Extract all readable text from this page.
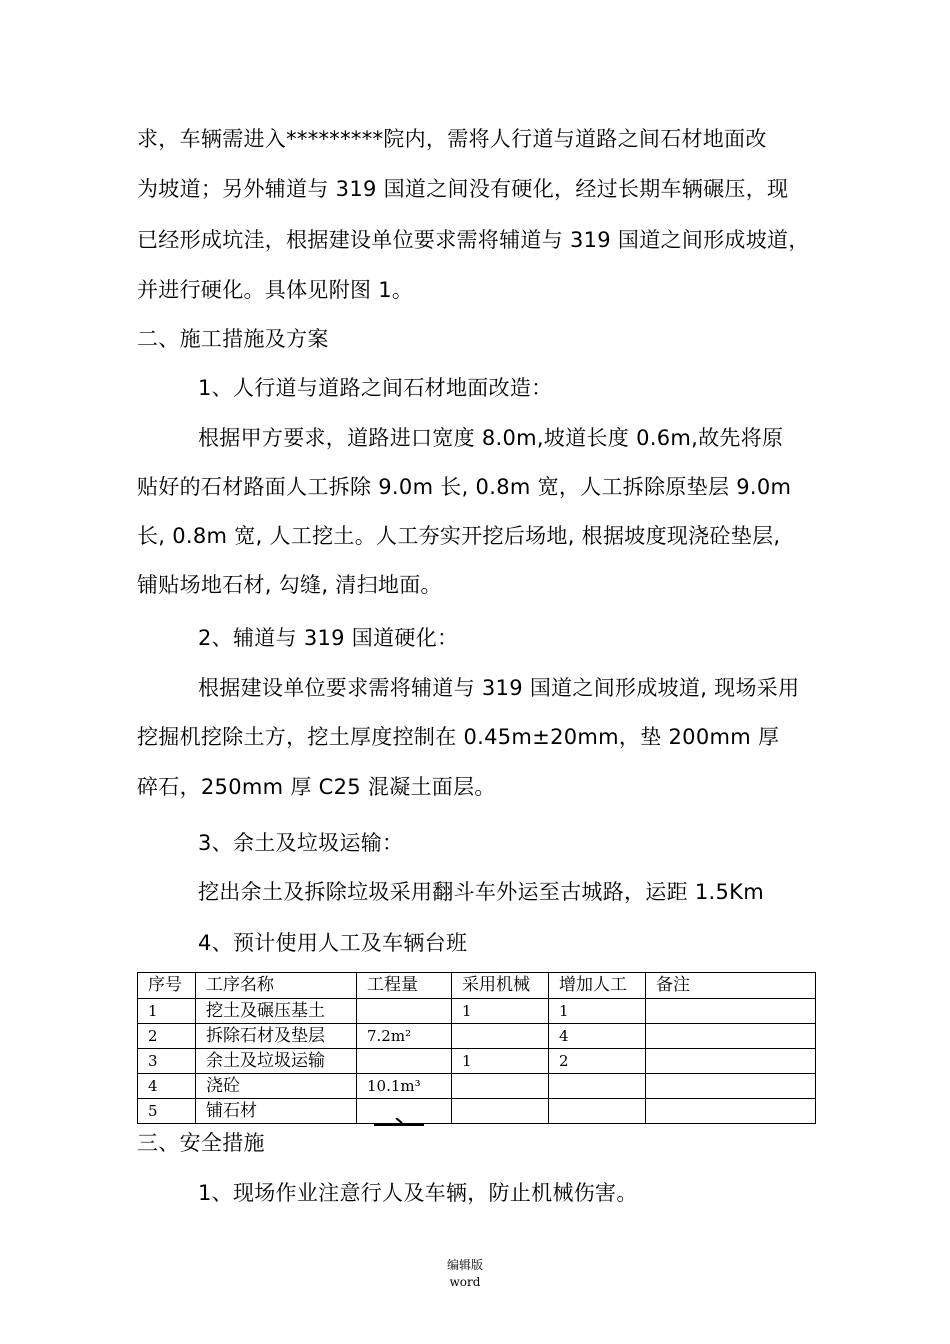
求，车辆需进入*********院内，需将人行道与道路之间石材地面改
为坡道；另外辅道与 319 国道之间没有硬化，经过长期车辆碾压，现
已经形成坑洼，根据建设单位要求需将辅道与 319 国道之间形成坡道，
并进行硬化。具体见附图 1。
二、施工措施及方案
1、人行道与道路之间石材地面改造：
根据甲方要求，道路进口宽度 8.0m,坡道长度 0.6m,故先将原
贴好的石材路面人工拆除 9.0m 长, 0.8m 宽，人工拆除原垫层 9.0m
长, 0.8m 宽, 人工挖土。人工夯实开挖后场地, 根据坡度现浇砼垫层,
铺贴场地石材, 勾缝, 清扫地面。
2、辅道与 319 国道硬化：
根据建设单位要求需将辅道与 319 国道之间形成坡道, 现场采用
挖掘机挖除土方，挖土厚度控制在 0.45m±20mm，垫 200mm 厚
碎石，250mm 厚 C25 混凝土面层。
3、余土及垃圾运输：
挖出余土及拆除垃圾采用翻斗车外运至古城路，运距 1.5Km
4、预计使用人工及车辆台班
序号	工序名称	工程量	采用机械	增加人工	备注
1	挖土及碾压基土		1	1	
2	拆除石材及垫层	7.2m²		4	
3	余土及垃圾运输		1	2	
4	浇砼	10.1m³			
5	铺石材				
三、安全措施
1、现场作业注意行人及车辆，防止机械伤害。
编辑版
word
